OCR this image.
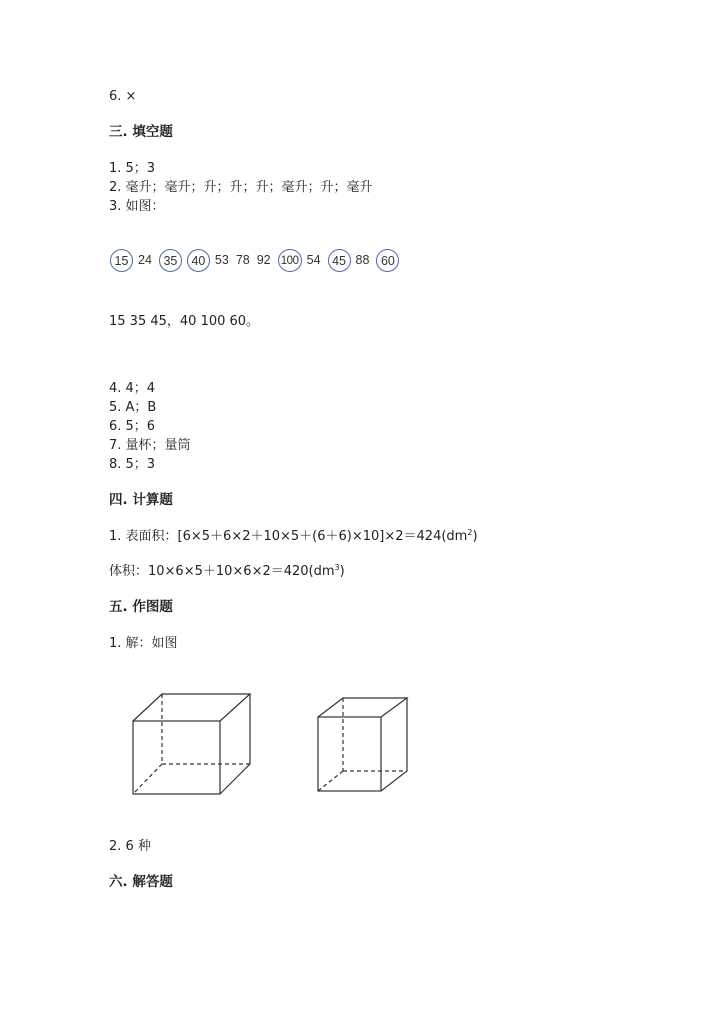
6. ×

三. 填空题

1. 5；3

2. 毫升；毫升；升；升；升；毫升；升；毫升

3. 如图：

15 24 35	40 53 78 92 100 54 45 88 60

15 35 45，40 100 60。

4. 4；4

5. A；B

6. 5；6

7. 量杯；量筒

8. 5；3

四. 计算题

1. 表面积：$[6\times 5+6\times 2+10\times 5+(6+6)\times 10]\times 2=424(dm^2)$

体积：$10\times 6\times 5+10\times 6\times 2=420(dm^3)$

五. 作图题

1. 解：如图

2. 6 种

六. 解答题
